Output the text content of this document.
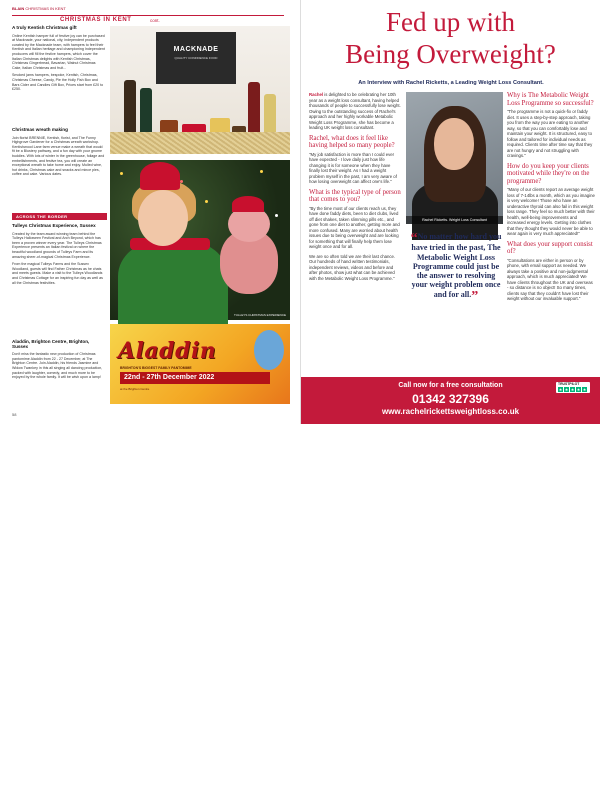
BLAIN CHRISTMAS IN KENT
CHRISTMAS IN KENT	cont.
A truly Kentish Christmas gift

Online Kentish hamper full of festive joy can be purchased at Macknade, your national, city, independent products curated by the Macknade team, with hampers to feel their Kentish and Italian heritage and championing Independent producers will fill the festive hampers, which cover the Italian Christmas delights with Kentish Christmas, Christmas Gingerbread, Bavarian, Walnut Christmas Cake, Italian Christmas and fruit...

Smoked jams hampers, bespoke, Kentish, Christmas, Christmas Cheese, Candy, Pie the Holly Fish Box and Bars Cider and Candles Gift Box, Prices start from £20 to £250.

Christmas wreath making

Join florist BRENNIE, Kentish, florist, and The Funny Highgrove Gardener for a Christmas wreath workshop. Kentishwood Lane farm venue make a wreath that would fit be a Blustery pathway, and a fun day with your gnome buddies. With lots of winter in the greenhouse, foliage and embellishments, and festive tea, you will create an exceptional wreath to take home and enjoy. Mulled wine, hot drinks, Christmas cake and snacks and mince pies, coffee and cake. Various dates.

ACROSS THE BORDER
Tulleys Christmas Experience, Sussex

Created by the team award winning team behind the Tulleys Halloween Festival and Arch Beyond, which has been a proven winner every year. The Tulleys Christmas Experience presents an Italian festival on where the beautiful woodland grounds of Tulleys Farm and its amazing sheer-of-magical Christmas Experience.

From the magical Tulleys Farms and the Sussex Woodland, guests will find Father Christmas as he chats and meets guests. Make a visit to the Tulleys Woodlands and Christmas Cottage for an inspiring fun day as well as all the Christmas festivities.

Aladdin, Brighton Centre, Brighton, Sussex

Don't miss the fantastic new production of Christmas pantomime Aladdin from 22 - 27 December, at The Brighton Centre. Join Aladdin, his friends Jasmine and Widow Twankey in this all singing all dancing production, packed with laughter, comedy, and much more to be enjoyed by the whole family. It will be wish upon a lamp!

MACKNADE
QUALITY CONFIDENCE FOOD
TULLEYS CHRISTMAS EXPERIENCE
Aladdin
BRIGHTON'S BIGGEST FAMILY PANTOMIME
22nd - 27th December 2022
at the Brighton Centre
58
Fed up with
Being Overweight?
An Interview with Rachel Ricketts, a Leading Weight Loss Consultant.

Rachel is delighted to be celebrating her 10th year as a weight loss consultant, having helped thousands of people to successfully lose weight. Owing to the outstanding success of Rachel's approach and her highly workable Metabolic Weight Loss Programme, she has become a leading UK weight loss consultant.

Rachel, what does it feel like having helped so many people?

"My job satisfaction is more than I could ever have expected - I love daily just how life changing it is for someone when they have finally lost their weight. As I had a weight problem myself in the past, I am very aware of how losing overweight can affect one's life."

What is the typical type of person that comes to you?

"By the time most of our clients reach us, they have done faddy diets, been to diet clubs, lived off diet shakes, taken slimming pills etc., and gone from one diet to another, getting more and more confused. Many are worried about health issues due to being overweight and are looking for something that will finally help them lose weight once and for all.

We are so often told we are their last chance. Our hundreds of hand written testimonials, independent reviews, videos and before and after photos, show just what can be achieved with the Metabolic Weight Loss Programme."

Rachel Ricketts. Weight Loss Consultant
“No matter how hard you have tried in the past, The Metabolic Weight Loss Programme could just be the answer to resolving your weight problem once and for all.”

Why is The Metabolic Weight Loss Programme so successful?

"The programme is not a quick-fix or faddy diet. It uses a step-by-step approach, taking you from the way you are eating to another way, so that you can comfortably lose and maintain your weight. It is structured, easy to follow and tailored for individual needs as required. Clients time after time say that they are not hungry and not struggling with cravings."

How do you keep your clients motivated while they're on the programme?

"Many of our clients report an average weight loss of 7-14lbs a month, which as you imagine is very welcome! Those who have an underactive thyroid can also fail in this weight loss range. They feel so much better with their health, well-being improvements and increased energy levels. Getting into clothes that they thought they would never be able to wear again is very much appreciated!"

What does your support consist of?

"Consultations are either in person or by phone, with email support as needed. We always take a positive and non-judgmental approach, which is much appreciated! We have clients throughout the UK and overseas - so distance is no object! So many times, clients say that they couldn't have lost their weight without our invaluable support."

Call now for a free consultation
01342 327396
www.rachelrickettsweightloss.co.uk
TRUSTPILOT
★ ★ ★ ★ ★
59
